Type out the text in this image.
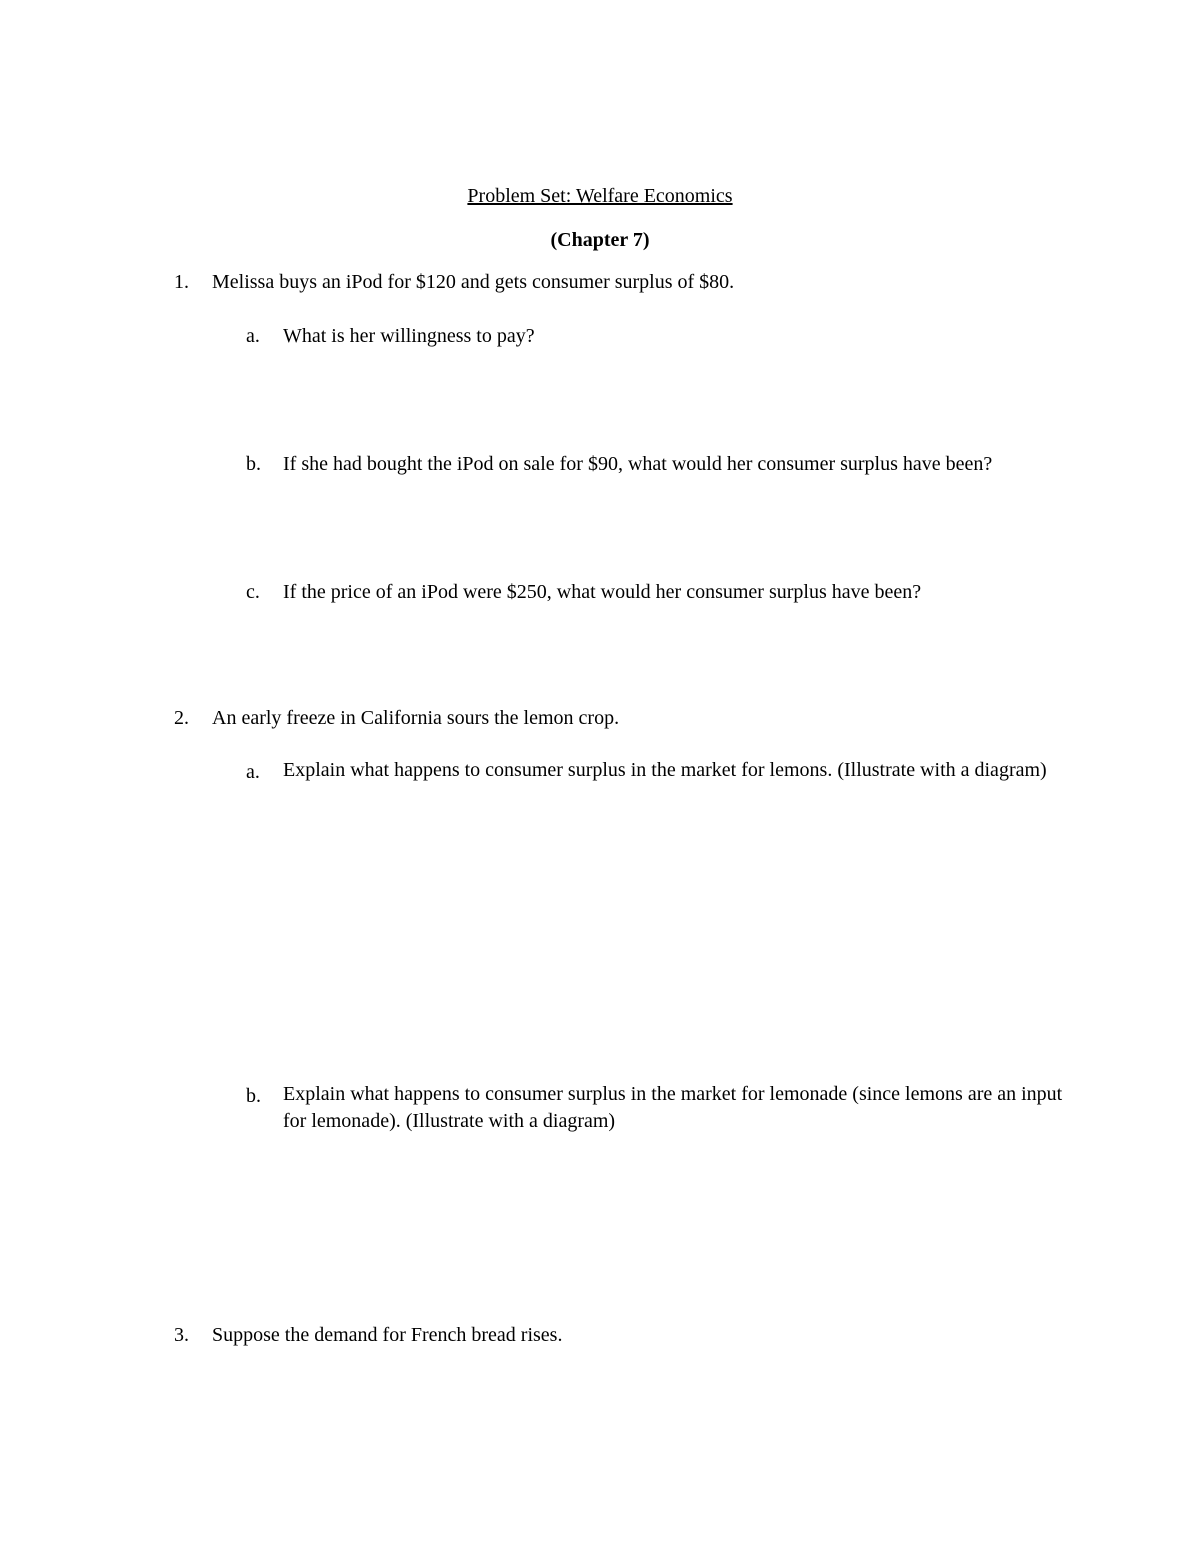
Problem Set: Welfare Economics
(Chapter 7)
1. Melissa buys an iPod for $120 and gets consumer surplus of $80.
a. What is her willingness to pay?
b. If she had bought the iPod on sale for $90, what would her consumer surplus have been?
c. If the price of an iPod were $250, what would her consumer surplus have been?
2. An early freeze in California sours the lemon crop.
a. Explain what happens to consumer surplus in the market for lemons. (Illustrate with a diagram)
b. Explain what happens to consumer surplus in the market for lemonade (since lemons are an input for lemonade). (Illustrate with a diagram)
3. Suppose the demand for French bread rises.
